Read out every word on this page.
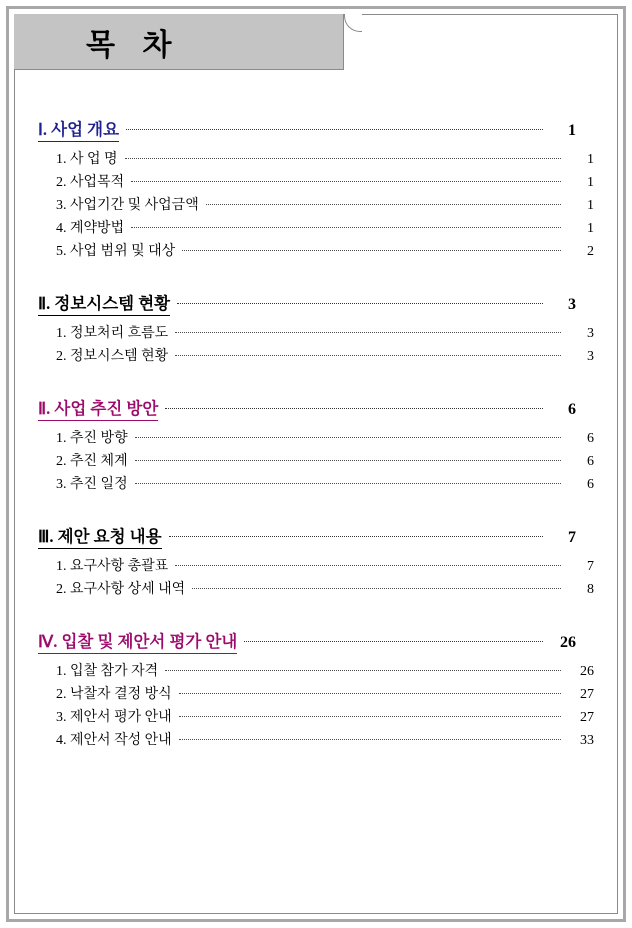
목 차
Ⅰ. 사업 개요	1
1. 사 업 명	1
2. 사업목적	1
3. 사업기간 및 사업금액	1
4. 계약방법	1
5. 사업 범위 및 대상	2
Ⅱ. 정보시스템 현황	3
1. 정보처리 흐름도	3
2. 정보시스템 현황	3
Ⅱ. 사업 추진 방안	6
1. 추진 방향	6
2. 추진 체계	6
3. 추진 일정	6
Ⅲ. 제안 요청 내용	7
1. 요구사항 총괄표	7
2. 요구사항 상세 내역	8
Ⅳ. 입찰 및 제안서 평가 안내	26
1. 입찰 참가 자격	26
2. 낙찰자 결정 방식	27
3. 제안서 평가 안내	27
4. 제안서 작성 안내	33
